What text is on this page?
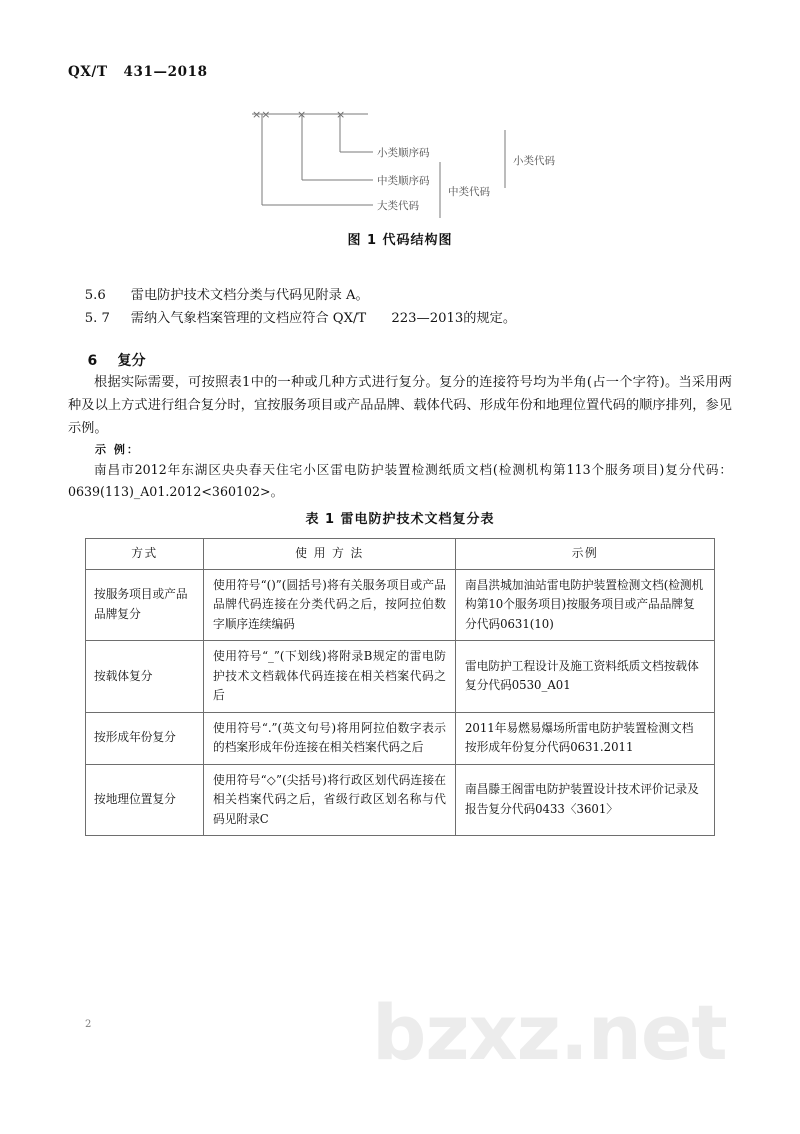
QX/T   431—2018
×× ×	×
小类顺序码
中类顺序码
大类代码
中类代码
小类代码
图 1 代码结构图

5.6 雷电防护技术文档分类与代码见附录 A。

5. 7 需纳入气象档案管理的文档应符合 QX/T      223—2013的规定。

6 复分

根据实际需要，可按照表1中的一种或几种方式进行复分。复分的连接符号均为半角(占一个字符)。当采用两种及以上方式进行组合复分时，宜按服务项目或产品品牌、载体代码、形成年份和地理位置代码的顺序排列，参见示例。
示 例：
南昌市2012年东湖区央央春天住宅小区雷电防护装置检测纸质文档(检测机构第113个服务项目)复分代码：0639(113)_A01.2012<360102>。
表 1 雷电防护技术文档复分表
方式	使 用 方 法	示例
按服务项目或产品品牌复分	使用符号“()”(圆括号)将有关服务项目或产品品牌代码连接在分类代码之后，按阿拉伯数字顺序连续编码	南昌洪城加油站雷电防护装置检测文档(检测机构第10个服务项目)按服务项目或产品品牌复分代码0631(10)
按载体复分	使用符号“_”(下划线)将附录B规定的雷电防护技术文档载体代码连接在相关档案代码之后	雷电防护工程设计及施工资料纸质文档按载体复分代码0530_A01
按形成年份复分	使用符号“.”(英文句号)将用阿拉伯数字表示的档案形成年份连接在相关档案代码之后	2011年易燃易爆场所雷电防护装置检测文档按形成年份复分代码0631.2011
按地理位置复分	使用符号“◇”(尖括号)将行政区划代码连接在相关档案代码之后，省级行政区划名称与代码见附录C	南昌滕王阁雷电防护装置设计技术评价记录及报告复分代码0433〈3601〉
2	bzxz.net
